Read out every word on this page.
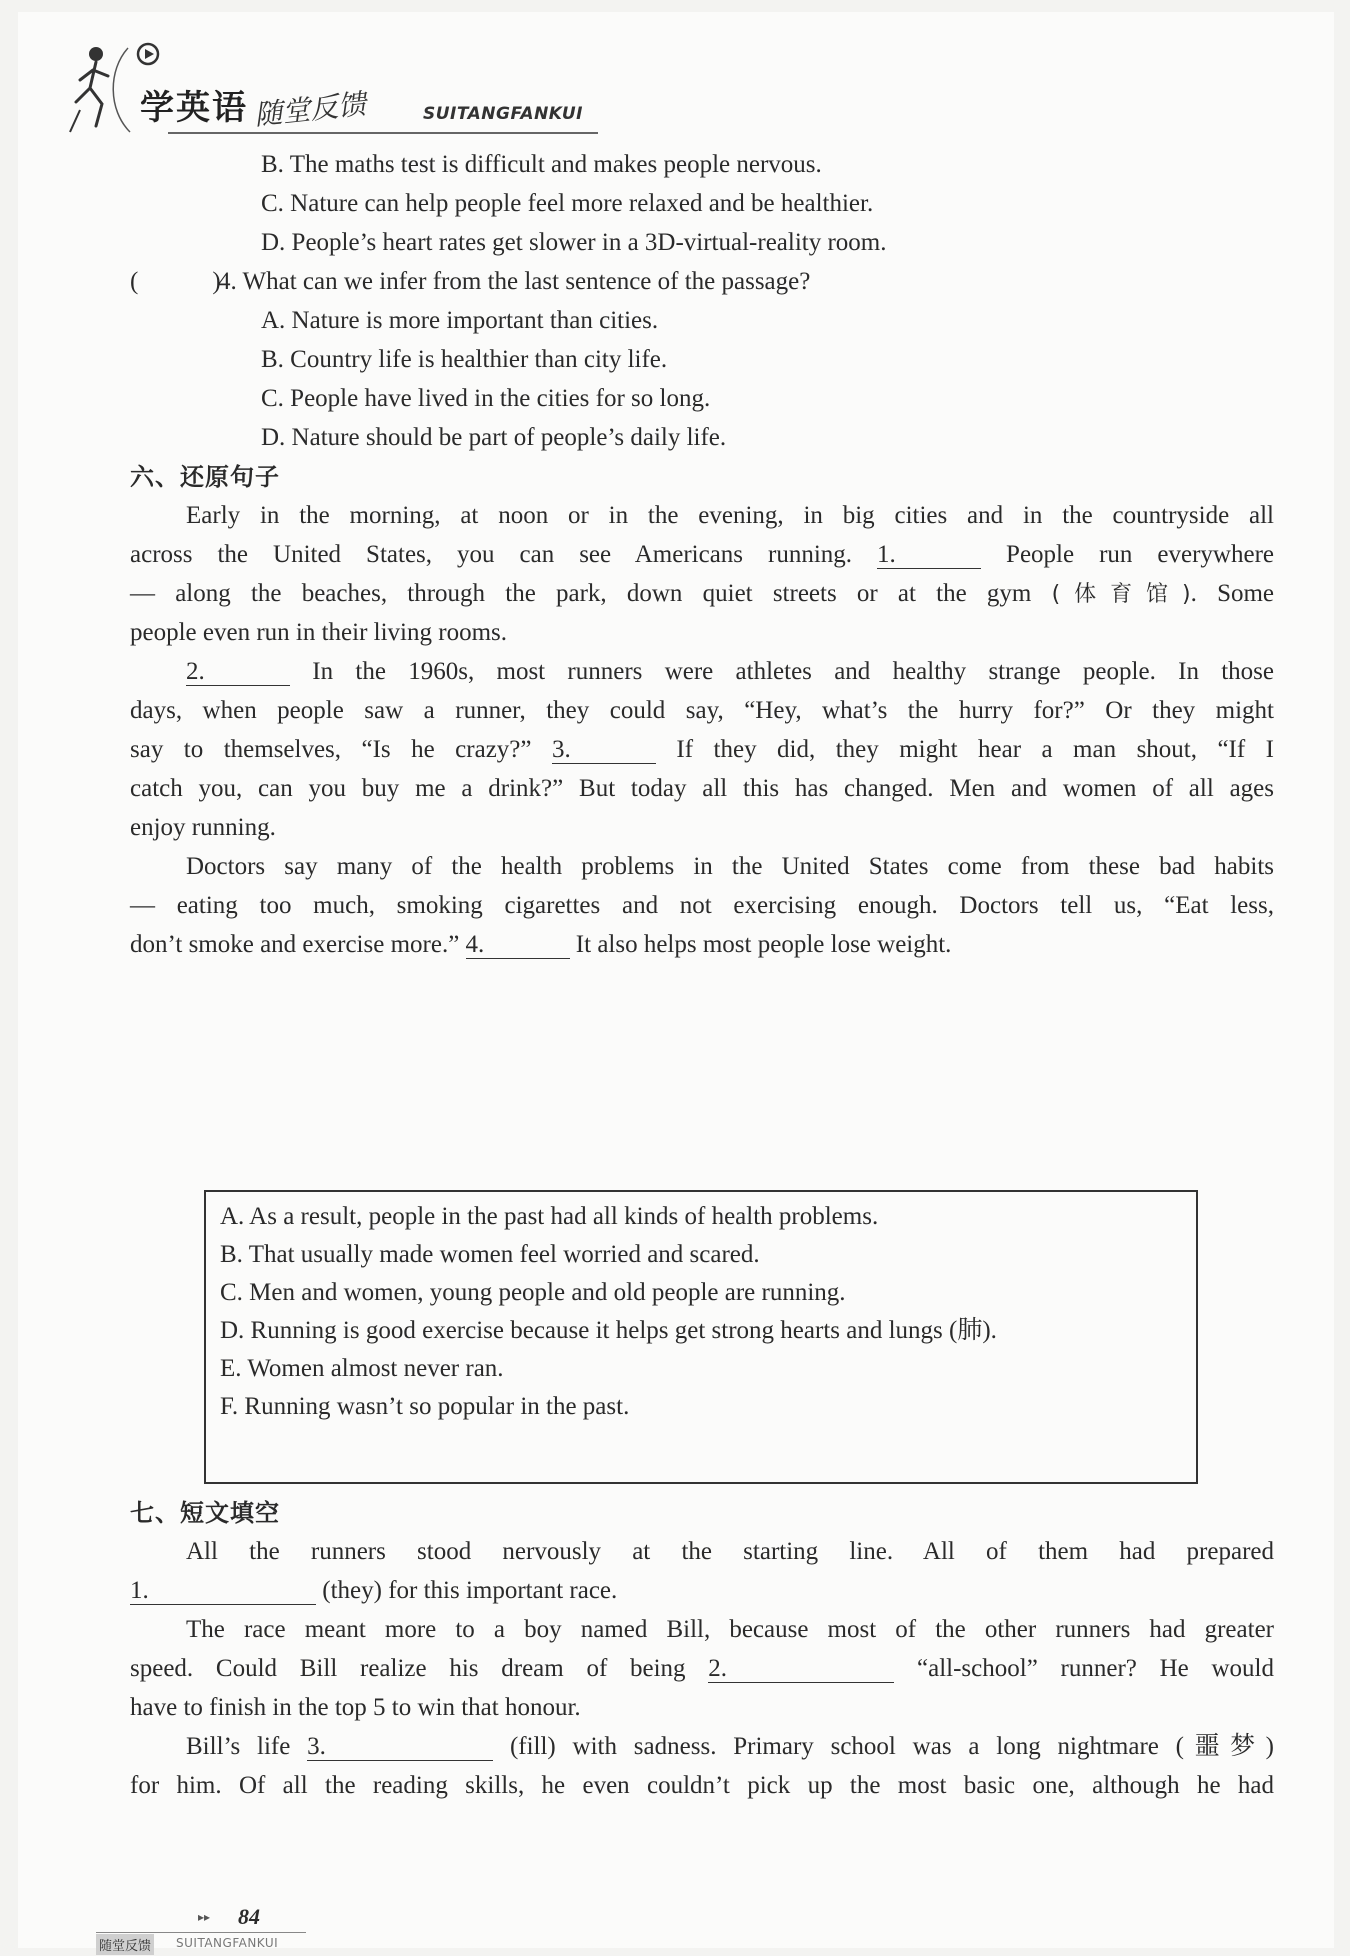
学英语 随堂反馈	SUITANGFANKUI
B. The maths test is difficult and makes people nervous.
C. Nature can help people feel more relaxed and be healthier.
D. People’s heart rates get slower in a 3D-virtual-reality room.
(　　)4. What can we infer from the last sentence of the passage?
A. Nature is more important than cities.
B. Country life is healthier than city life.
C. People have lived in the cities for so long.
D. Nature should be part of people’s daily life.
六、还原句子
Early in the morning, at noon or in the evening, in big cities and in the countryside all
across the United States, you can see Americans running. 1.	People run everywhere
— along the beaches, through the park, down quiet streets or at the gym (体育馆). Some
people even run in their living rooms.
2.	In the 1960s, most runners were athletes and healthy strange people. In those
days, when people saw a runner, they could say, “Hey, what’s the hurry for?” Or they might
say to themselves, “Is he crazy?” 3.	If they did, they might hear a man shout, “If I
catch you, can you buy me a drink?” But today all this has changed. Men and women of all ages
enjoy running.
Doctors say many of the health problems in the United States come from these bad habits
— eating too much, smoking cigarettes and not exercising enough. Doctors tell us, “Eat less,
don’t smoke and exercise more.” 4.	It also helps most people lose weight.
A. As a result, people in the past had all kinds of health problems.
B. That usually made women feel worried and scared.
C. Men and women, young people and old people are running.
D. Running is good exercise because it helps get strong hearts and lungs (肺).
E. Women almost never ran.
F. Running wasn’t so popular in the past.
七、短文填空
All the runners stood nervously at the starting line. All of them had prepared
1.	(they) for this important race.
The race meant more to a boy named Bill, because most of the other runners had greater
speed. Could Bill realize his dream of being 2.	“all-school” runner? He would
have to finish in the top 5 to win that honour.
Bill’s life 3.	(fill) with sadness. Primary school was a long nightmare (噩梦)
for him. Of all the reading skills, he even couldn’t pick up the most basic one, although he had
▸▸ 84
随堂反馈 SUITANGFANKUI
